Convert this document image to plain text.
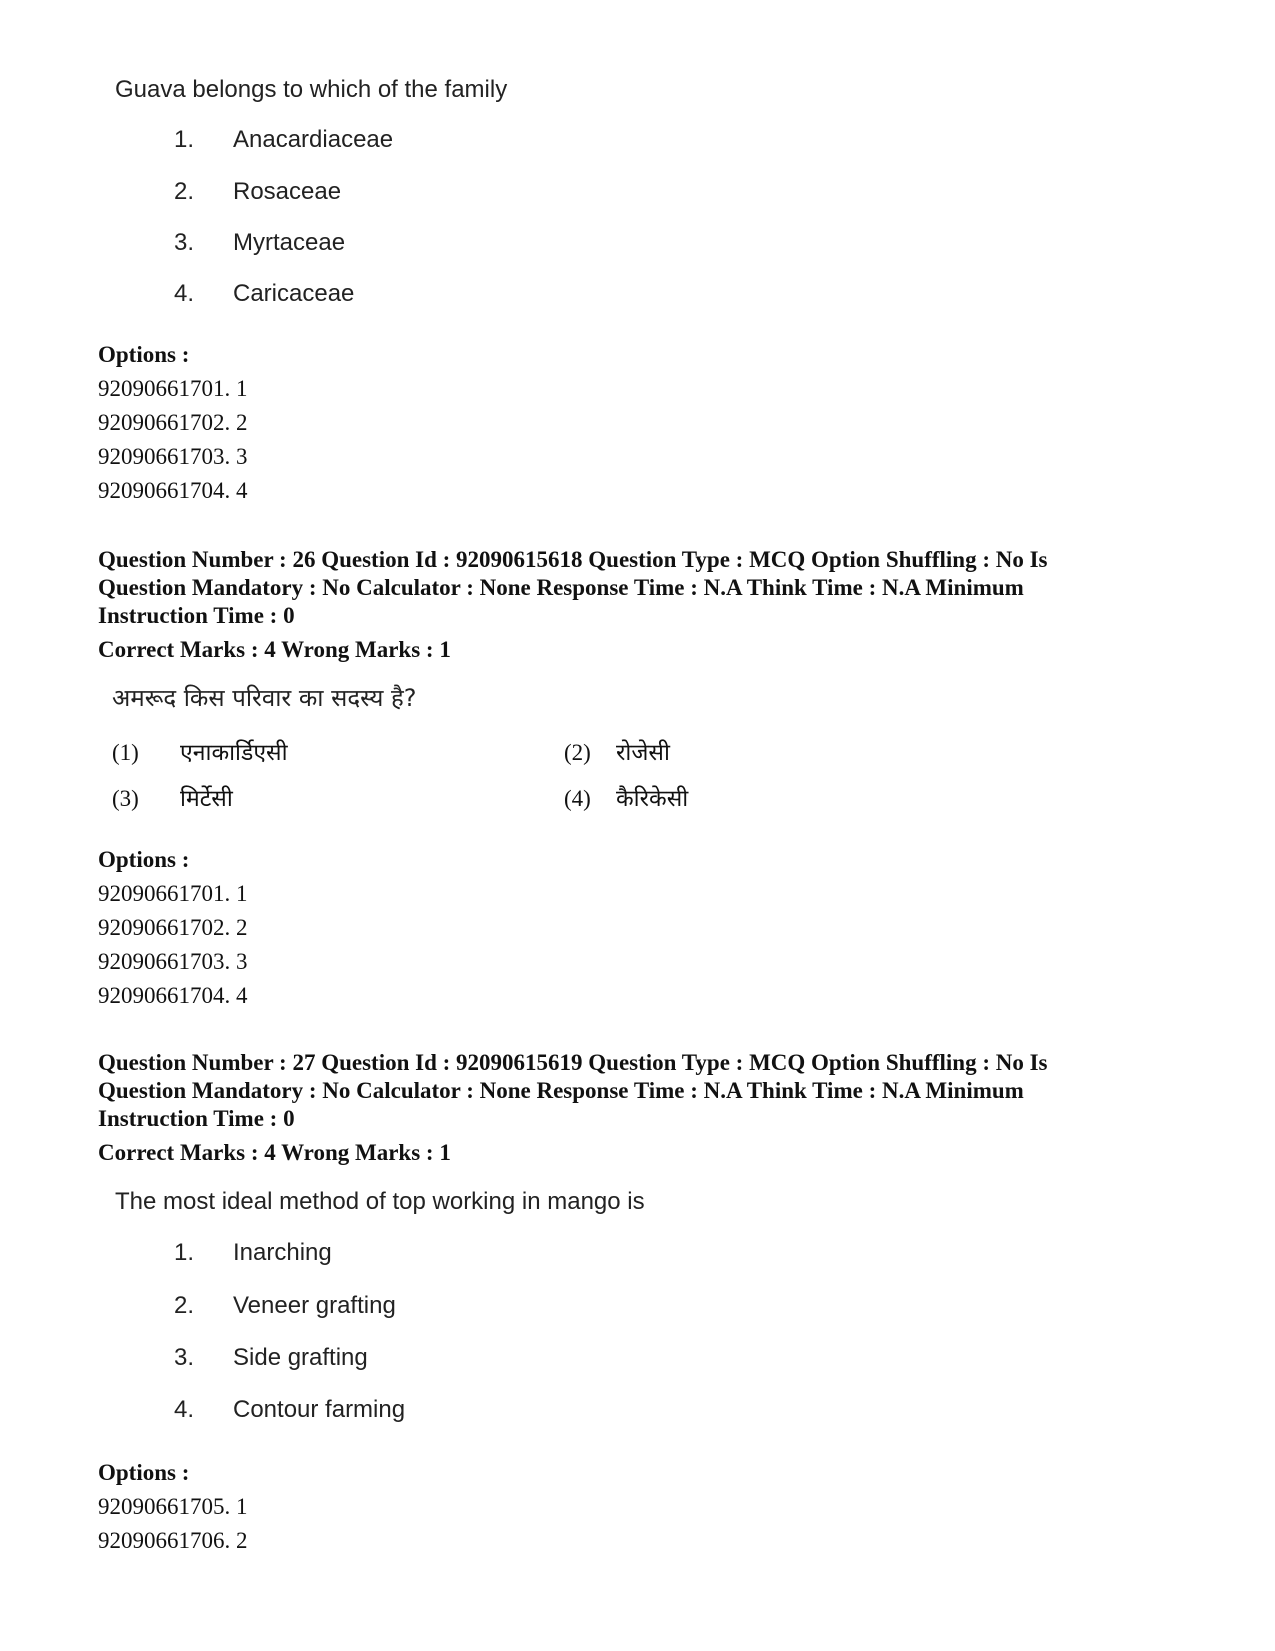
Guava belongs to which of the family
1. Anacardiaceae
2. Rosaceae
3. Myrtaceae
4. Caricaceae
Options :
92090661701. 1
92090661702. 2
92090661703. 3
92090661704. 4
Question Number : 26 Question Id : 92090615618 Question Type : MCQ Option Shuffling : No Is
Question Mandatory : No Calculator : None Response Time : N.A Think Time : N.A Minimum
Instruction Time : 0
Correct Marks : 4 Wrong Marks : 1
अमरूद किस परिवार का सदस्य है?
(1) एनाकार्डिएसी	(2) रोजेसी
(3) मिर्टेसी	(4) कैरिकेसी
Options :
92090661701. 1
92090661702. 2
92090661703. 3
92090661704. 4
Question Number : 27 Question Id : 92090615619 Question Type : MCQ Option Shuffling : No Is
Question Mandatory : No Calculator : None Response Time : N.A Think Time : N.A Minimum
Instruction Time : 0
Correct Marks : 4 Wrong Marks : 1
The most ideal method of top working in mango is
1. Inarching
2. Veneer grafting
3. Side grafting
4. Contour farming
Options :
92090661705. 1
92090661706. 2
